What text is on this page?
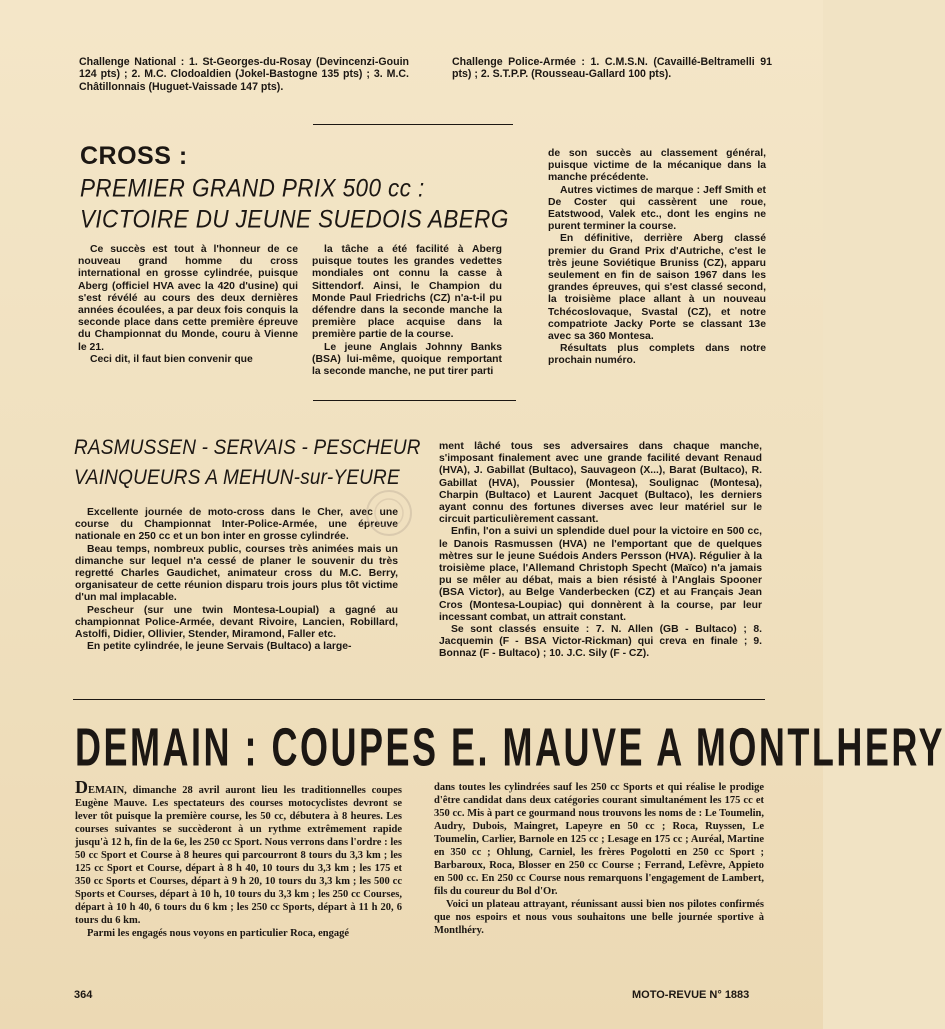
Challenge National : 1. St-Georges-du-Rosay (Devincenzi-Gouin 124 pts) ; 2. M.C. Clodoaldien (Jokel-Bastogne 135 pts) ; 3. M.C. Châtillonnais (Huguet-Vaissade 147 pts).
Challenge Police-Armée : 1. C.M.S.N. (Cavaillé-Beltramelli 91 pts) ; 2. S.T.P.P. (Rousseau-Gallard 100 pts).
CROSS :
PREMIER GRAND PRIX 500 cc :
VICTOIRE DU JEUNE SUEDOIS ABERG

Ce succès est tout à l'honneur de ce nouveau grand homme du cross international en grosse cylindrée, puisque Aberg (officiel HVA avec la 420 d'usine) qui s'est révélé au cours des deux dernières années écoulées, a par deux fois conquis la seconde place dans cette première épreuve du Championnat du Monde, couru à Vienne le 21.

Ceci dit, il faut bien convenir que

la tâche a été facilité à Aberg puisque toutes les grandes vedettes mondiales ont connu la casse à Sittendorf. Ainsi, le Champion du Monde Paul Friedrichs (CZ) n'a-t-il pu défendre dans la seconde manche la première place acquise dans la première partie de la course.

Le jeune Anglais Johnny Banks (BSA) lui-même, quoique remportant la seconde manche, ne put tirer parti

de son succès au classement général, puisque victime de la mécanique dans la manche précédente.

Autres victimes de marque : Jeff Smith et De Coster qui cassèrent une roue, Eatstwood, Valek etc., dont les engins ne purent terminer la course.

En définitive, derrière Aberg classé premier du Grand Prix d'Autriche, c'est le très jeune Soviétique Bruniss (CZ), apparu seulement en fin de saison 1967 dans les grandes épreuves, qui s'est classé second, la troisième place allant à un nouveau Tchécoslovaque, Svastal (CZ), et notre compatriote Jacky Porte se classant 13e avec sa 360 Montesa.

Résultats plus complets dans notre prochain numéro.

RASMUSSEN - SERVAIS - PESCHEUR
VAINQUEURS A MEHUN-sur-YEURE

Excellente journée de moto-cross dans le Cher, avec une course du Championnat Inter-Police-Armée, une épreuve nationale en 250 cc et un bon inter en grosse cylindrée.

Beau temps, nombreux public, courses très animées mais un dimanche sur lequel n'a cessé de planer le souvenir du très regretté Charles Gaudichet, animateur cross du M.C. Berry, organisateur de cette réunion disparu trois jours plus tôt victime d'un mal implacable.

Pescheur (sur une twin Montesa-Loupial) a gagné au championnat Police-Armée, devant Rivoire, Lancien, Robillard, Astolfi, Didier, Ollivier, Stender, Miramond, Faller etc.

En petite cylindrée, le jeune Servais (Bultaco) a large-

ment lâché tous ses adversaires dans chaque manche, s'imposant finalement avec une grande facilité devant Renaud (HVA), J. Gabillat (Bultaco), Sauvageon (X...), Barat (Bultaco), R. Gabillat (HVA), Poussier (Montesa), Soulignac (Montesa), Charpin (Bultaco) et Laurent Jacquet (Bultaco), les derniers ayant connu des fortunes diverses avec leur matériel sur le circuit particulièrement cassant.

Enfin, l'on a suivi un splendide duel pour la victoire en 500 cc, le Danois Rasmussen (HVA) ne l'emportant que de quelques mètres sur le jeune Suédois Anders Persson (HVA). Régulier à la troisième place, l'Allemand Christoph Specht (Maïco) n'a jamais pu se mêler au débat, mais a bien résisté à l'Anglais Spooner (BSA Victor), au Belge Vanderbecken (CZ) et au Français Jean Cros (Montesa-Loupiac) qui donnèrent à la course, par leur incessant combat, un attrait constant.

Se sont classés ensuite : 7. N. Allen (GB - Bultaco) ; 8. Jacquemin (F - BSA Victor-Rickman) qui creva en finale ; 9. Bonnaz (F - Bultaco) ; 10. J.C. Sily (F - CZ).

DEMAIN : COUPES E. MAUVE A MONTLHERY

DEMAIN, dimanche 28 avril auront lieu les traditionnelles coupes Eugène Mauve. Les spectateurs des courses motocyclistes devront se lever tôt puisque la première course, les 50 cc, débutera à 8 heures. Les courses suivantes se succèderont à un rythme extrêmement rapide jusqu'à 12 h, fin de la 6e, les 250 cc Sport. Nous verrons dans l'ordre : les 50 cc Sport et Course à 8 heures qui parcourront 8 tours du 3,3 km ; les 125 cc Sport et Course, départ à 8 h 40, 10 tours du 3,3 km ; les 175 et 350 cc Sports et Courses, départ à 9 h 20, 10 tours du 3,3 km ; les 500 cc Sports et Courses, départ à 10 h, 10 tours du 3,3 km ; les 250 cc Courses, départ à 10 h 40, 6 tours du 6 km ; les 250 cc Sports, départ à 11 h 20, 6 tours du 6 km.

Parmi les engagés nous voyons en particulier Roca, engagé

dans toutes les cylindrées sauf les 250 cc Sports et qui réalise le prodige d'être candidat dans deux catégories courant simultanément les 175 cc et 350 cc. Mis à part ce gourmand nous trouvons les noms de : Le Toumelin, Audry, Dubois, Maingret, Lapeyre en 50 cc ; Roca, Ruyssen, Le Toumelin, Carlier, Barnole en 125 cc ; Lesage en 175 cc ; Auréal, Martine en 350 cc ; Ohlung, Carniel, les frères Pogolotti en 250 cc Sport ; Barbaroux, Roca, Blosser en 250 cc Course ; Ferrand, Lefèvre, Appieto en 500 cc. En 250 cc Course nous remarquons l'engagement de Lambert, fils du coureur du Bol d'Or.

Voici un plateau attrayant, réunissant aussi bien nos pilotes confirmés que nos espoirs et nous vous souhaitons une belle journée sportive à Montlhéry.

364	MOTO-REVUE N° 1883
